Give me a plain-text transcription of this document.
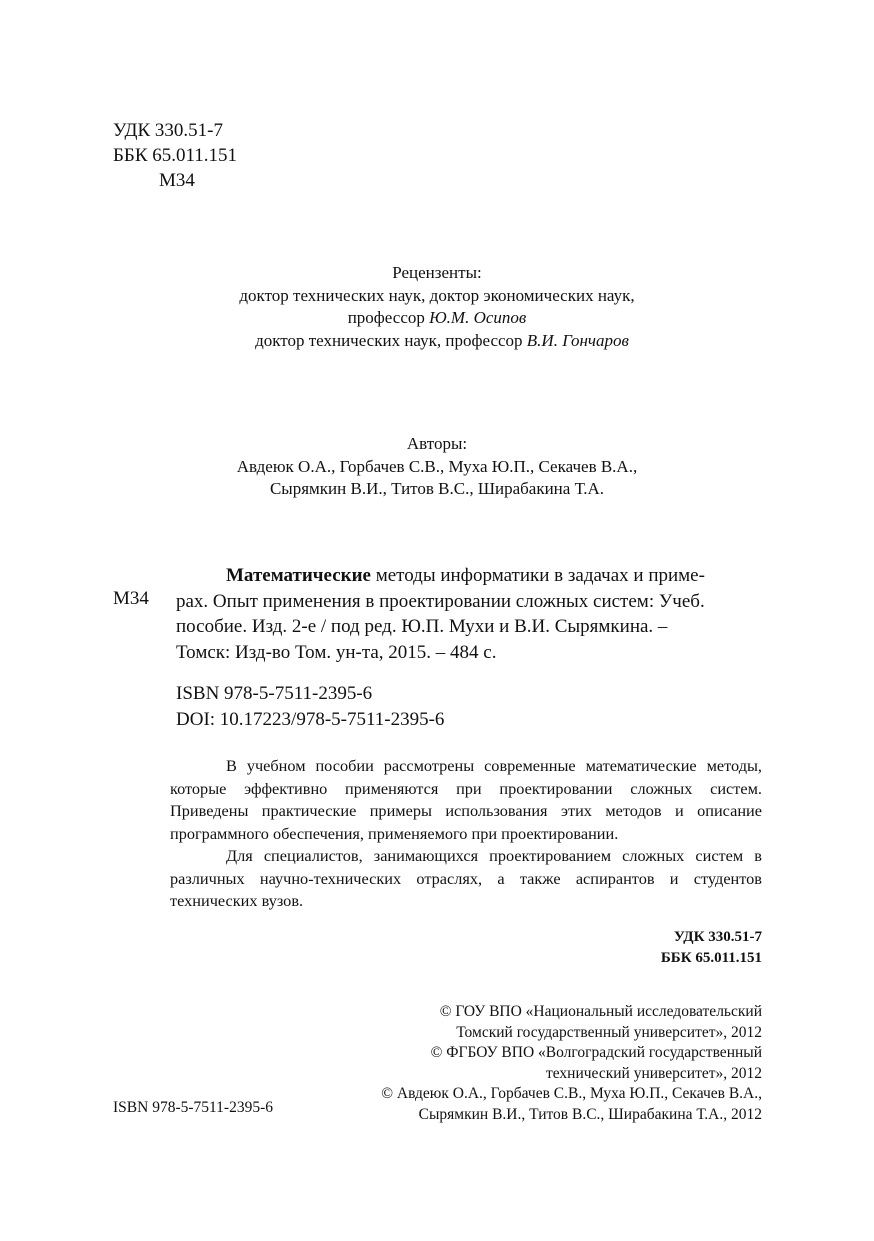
УДК 330.51-7
ББК 65.011.151
М34
Рецензенты:
доктор технических наук, доктор экономических наук,
профессор Ю.М. Осипов
доктор технических наук, профессор В.И. Гончаров
Авторы:
Авдеюк О.А., Горбачев С.В., Муха Ю.П., Секачев В.А.,
Сырямкин В.И., Титов В.С., Ширабакина Т.А.
М34
Математические методы информатики в задачах и приме-
рах. Опыт применения в проектировании сложных систем: Учеб.
пособие. Изд. 2-е / под ред. Ю.П. Мухи и В.И. Сырямкина. –
Томск: Изд-во Том. ун-та, 2015. – 484 с.
ISBN 978-5-7511-2395-6
DOI: 10.17223/978-5-7511-2395-6

В учебном пособии рассмотрены современные математические методы, которые эффективно применяются при проектировании сложных систем. Приведены практические примеры использования этих методов и описание программного обеспечения, применяемого при проектировании.

Для специалистов, занимающихся проектированием сложных систем в различных научно-технических отраслях, а также аспирантов и студентов технических вузов.

УДК 330.51-7
ББК 65.011.151
© ГОУ ВПО «Национальный исследовательский
Томский государственный университет», 2012
© ФГБОУ ВПО «Волгоградский государственный
технический университет», 2012
© Авдеюк О.А., Горбачев С.В., Муха Ю.П., Секачев В.А.,
Сырямкин В.И., Титов В.С., Ширабакина Т.А., 2012
ISBN 978-5-7511-2395-6
